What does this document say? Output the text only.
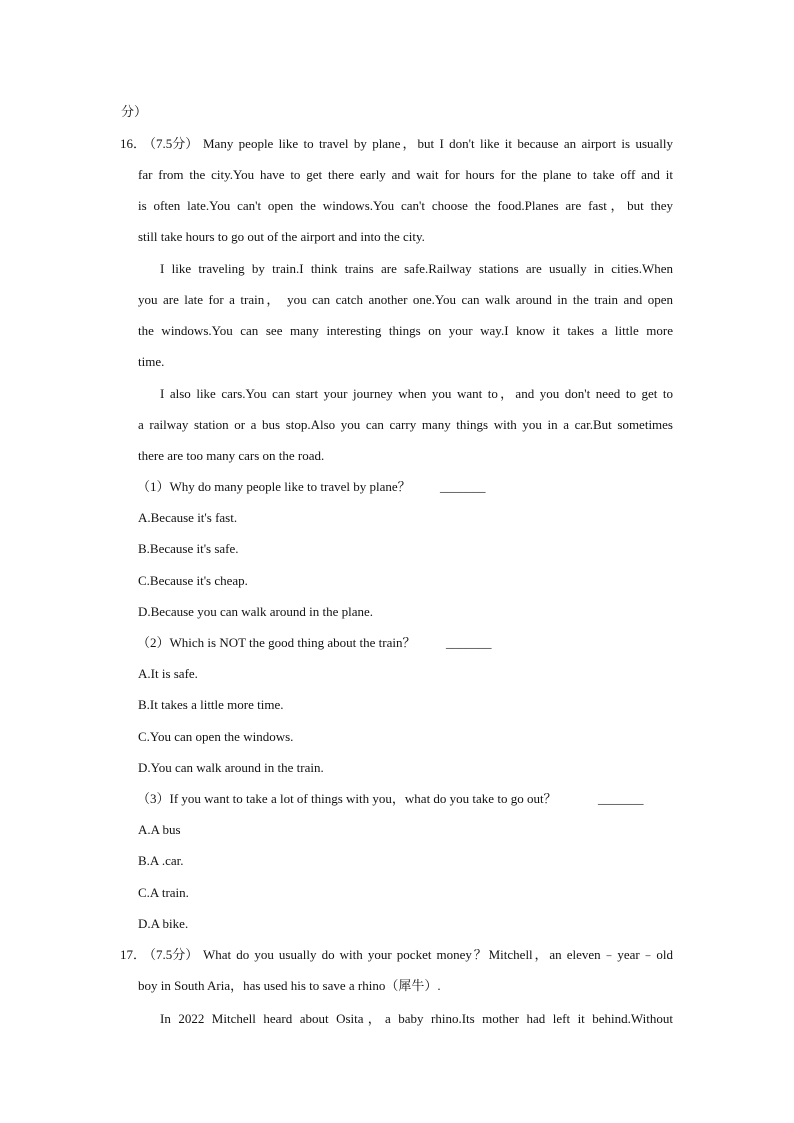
分）
16．
（7.5分） Many people like to travel by plane，but I don't like it because an airport is usually
far from the city.You have to get there early and wait for hours for the plane to take off and it
is often late.You can't open the windows.You can't choose the food.Planes are fast，but they
still take hours to go out of the airport and into the city.
I like traveling by train.I think trains are safe.Railway stations are usually in cities.When
you are late for a train， you can catch another one.You can walk around in the train and open
the windows.You can see many interesting things on your way.I know it takes a little more
time.
I also like cars.You can start your journey when you want to，and you don't need to get to
a railway station or a bus stop.Also you can carry many things with you in a car.But sometimes
there are too many cars on the road.
（1）Why do many people like to travel by plane？ _______
A.Because it's fast.
B.Because it's safe.
C.Because it's cheap.
D.Because you can walk around in the plane.
（2）Which is NOT the good thing about the train？ _______
A.It is safe.
B.It takes a little more time.
C.You can open the windows.
D.You can walk around in the train.
（3）If you want to take a lot of things with you，what do you take to go out？	_______
A.A bus
B.A .car.
C.A train.
D.A bike.
17．
（7.5分） What do you usually do with your pocket money？Mitchell，an eleven﹣year﹣old
boy in South Aria，has used his to save a rhino（犀牛）.
In 2022 Mitchell heard about Osita，a baby rhino.Its mother had left it behind.Without
